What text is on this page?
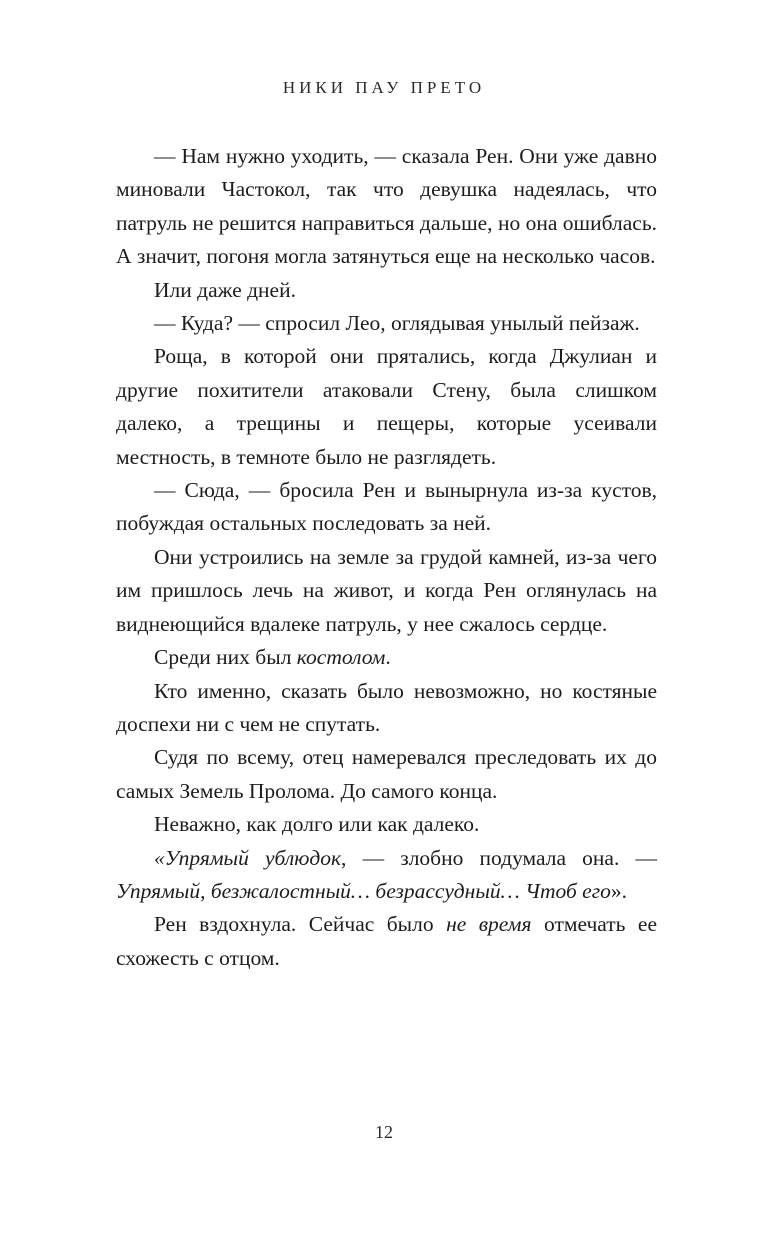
НИКИ ПАУ ПРЕТО

— Нам нужно уходить, — сказала Рен. Они уже давно миновали Частокол, так что девушка надеялась, что патруль не решится направиться дальше, но она ошиблась. А значит, погоня могла затянуться еще на несколько часов.

Или даже дней.

— Куда? — спросил Лео, оглядывая унылый пейзаж.

Роща, в которой они прятались, когда Джулиан и другие похитители атаковали Стену, была слишком далеко, а трещины и пещеры, которые усеивали местность, в темноте было не разглядеть.

— Сюда, — бросила Рен и вынырнула из-за кустов, побуждая остальных последовать за ней.

Они устроились на земле за грудой камней, из-за чего им пришлось лечь на живот, и когда Рен оглянулась на виднеющийся вдалеке патруль, у нее сжалось сердце.

Среди них был костолом.

Кто именно, сказать было невозможно, но костяные доспехи ни с чем не спутать.

Судя по всему, отец намеревался преследовать их до самых Земель Пролома. До самого конца.

Неважно, как долго или как далеко.

«Упрямый ублюдок, — злобно подумала она. — Упрямый, безжалостный… безрассудный… Чтоб его».

Рен вздохнула. Сейчас было не время отмечать ее схожесть с отцом.

12
